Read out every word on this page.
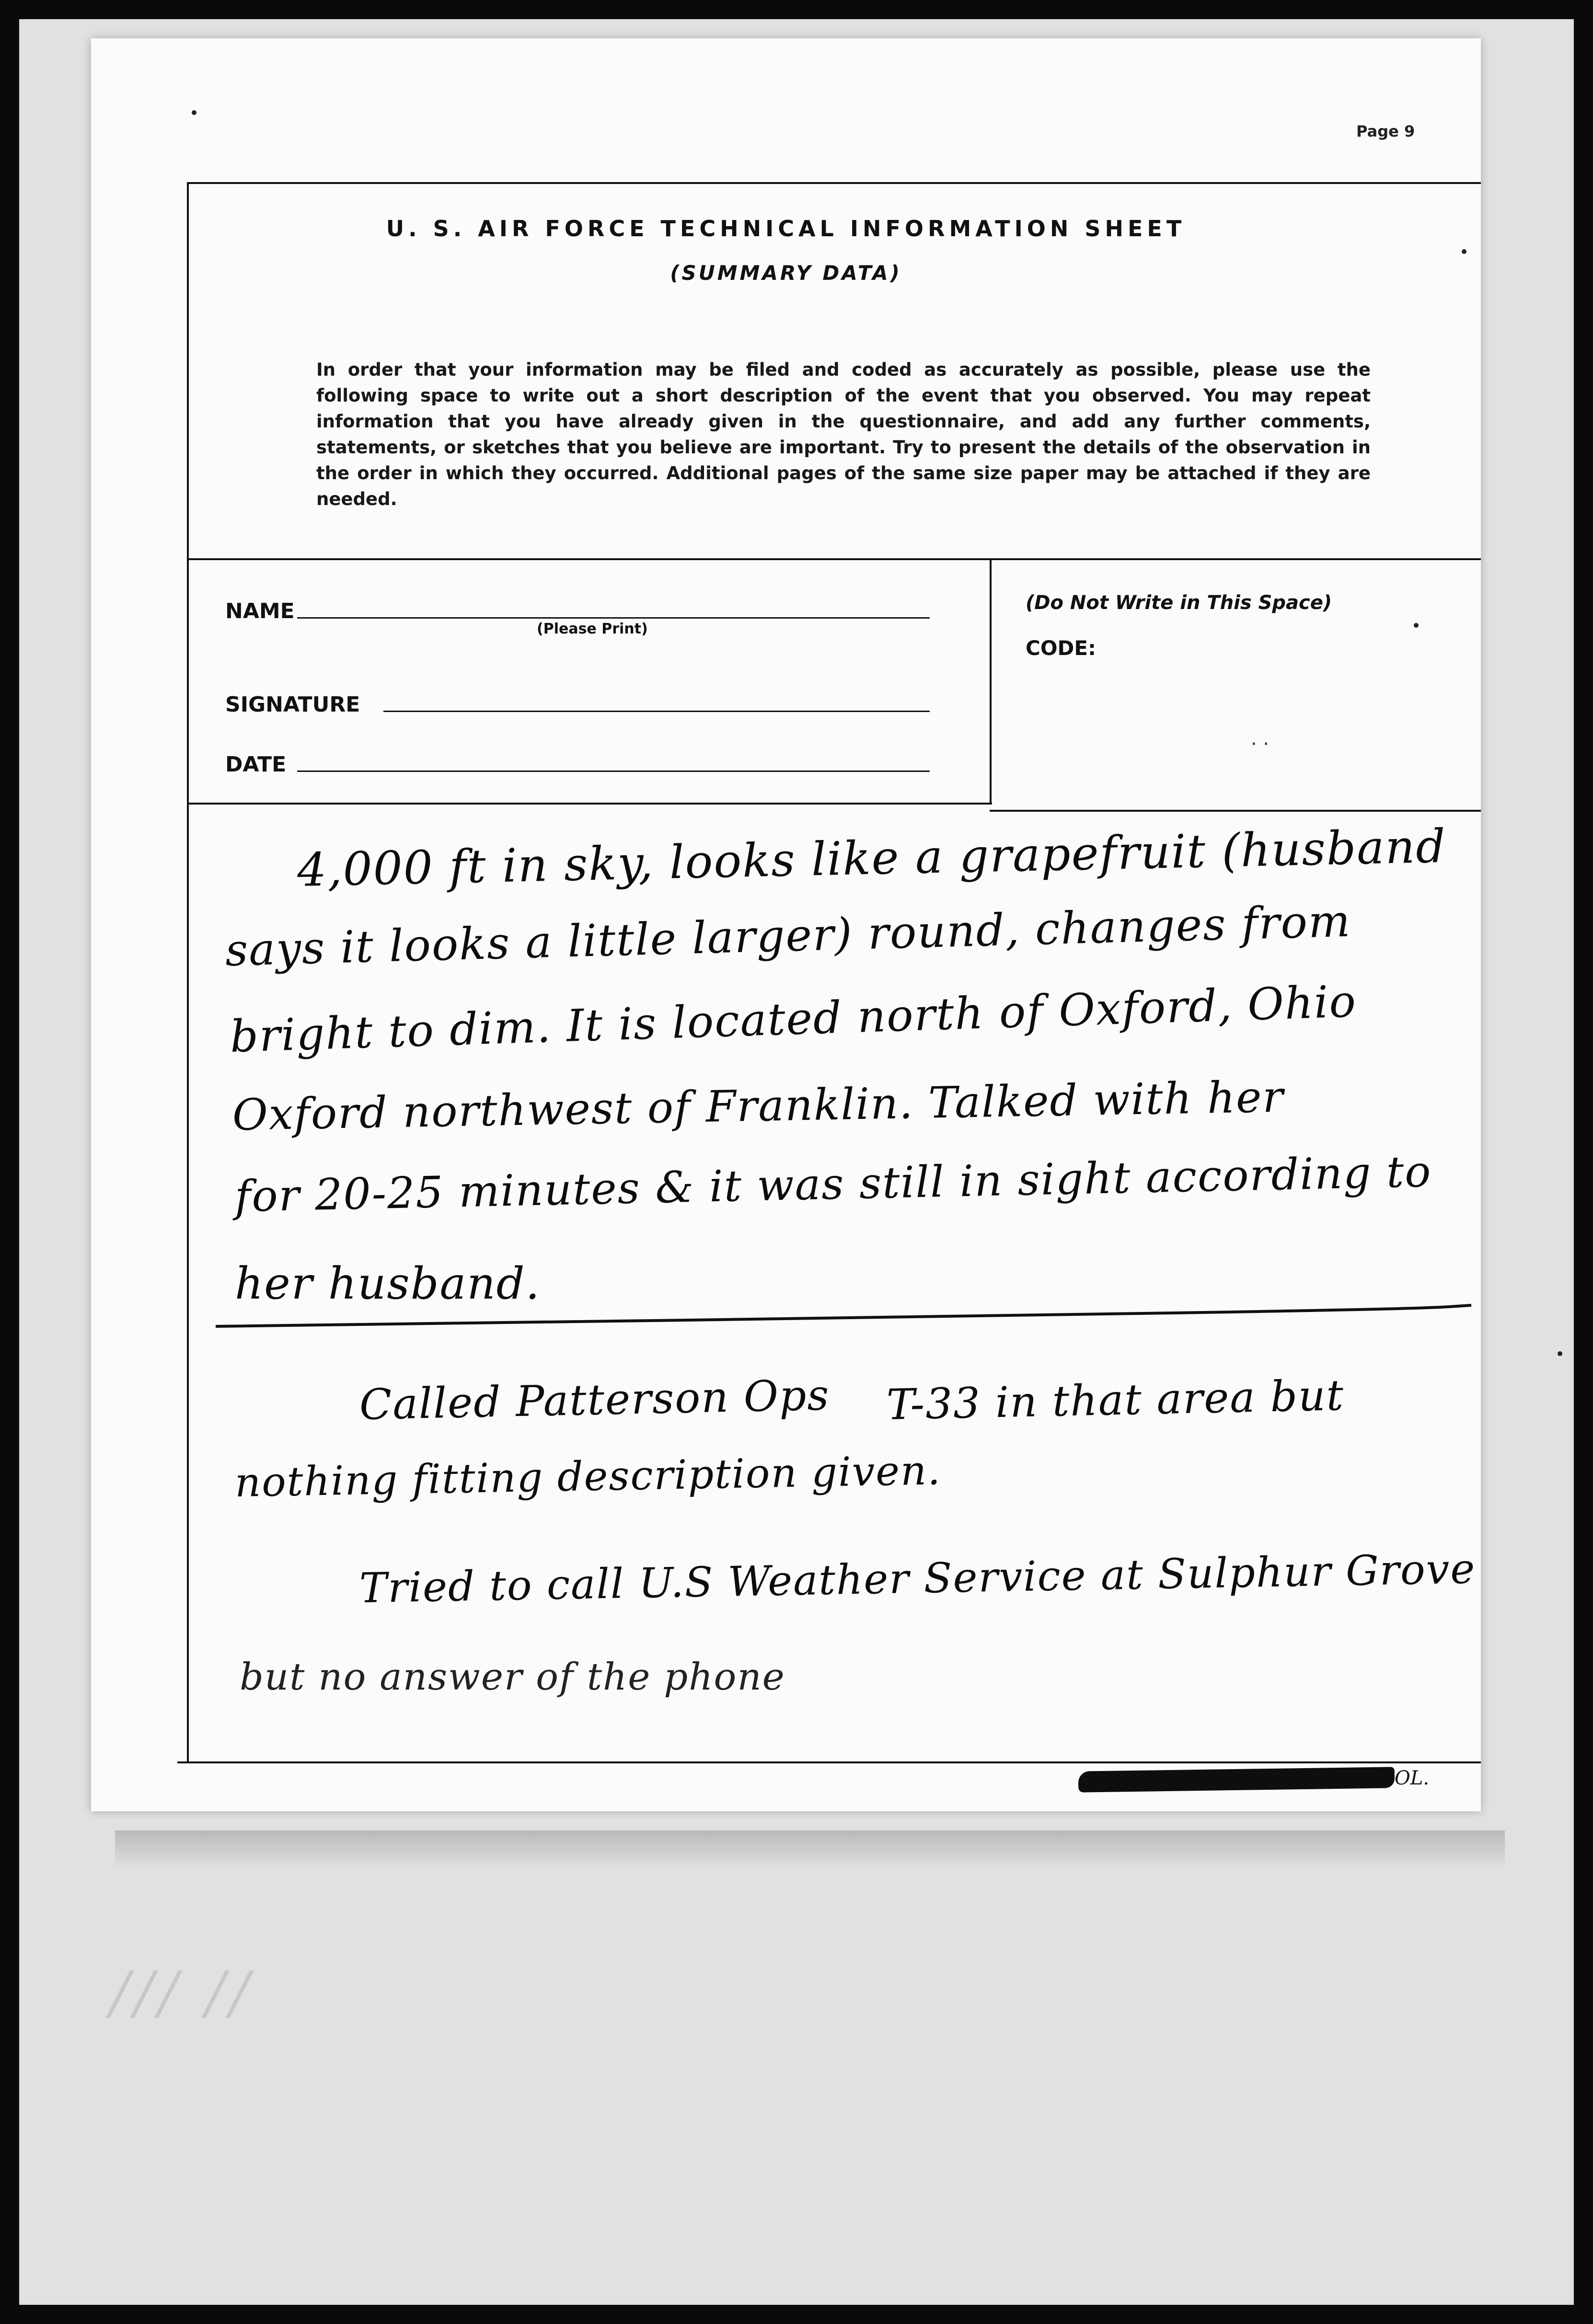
/// //
Page 9
U. S. AIR FORCE TECHNICAL INFORMATION SHEET
(SUMMARY DATA)
In order that your information may be filed and coded as accurately as possible, please use the following space to write out a short description of the event that you observed. You may repeat information that you have already given in the questionnaire, and add any further comments, statements, or sketches that you believe are important. Try to present the details of the observation in the order in which they occurred. Additional pages of the same size paper may be attached if they are needed.
NAME
(Please Print)
SIGNATURE
DATE
(Do Not Write in This Space)
CODE:
· ·
4,000 ft in sky, looks like a grapefruit (husband
says it looks a little larger) round, changes from
bright to dim. It is located north of Oxford, Ohio
Oxford northwest of Franklin. Talked with her
for 20-25 minutes & it was still in sight according to
her husband.
Called Patterson Ops T-33 in that area but
nothing fitting description given.
Tried to call U.S Weather Service at Sulphur Grove
but no answer of the phone
OL.
